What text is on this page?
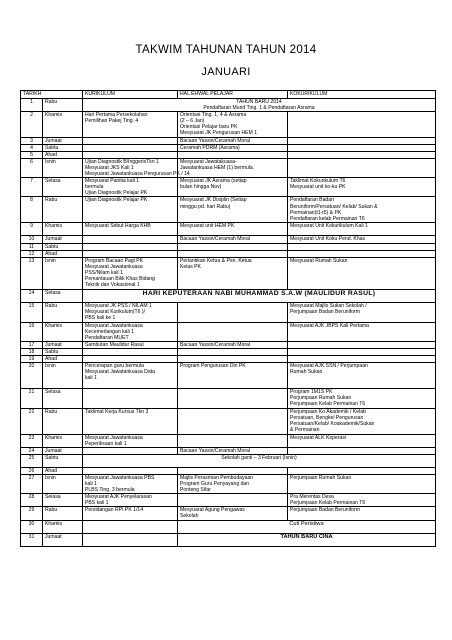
TAKWIM TAHUNAN TAHUN 2014
JANUARI
TARIKH		KURIKULUM	HAL EHWAL PELAJAR	KOKURIKULUM

1	Rabu	TAHUN BARU 2014
Pendaftaran Murid Ting. 1 & Pendaftaran Asrama		

2	Khamis	Hari Pertama Persekolahan
Pemilihan Pakej Ting. 4	Orientasi Ting. 1, 4 & Asrama
(2 – 6 Jan)
Orientasi Pelajar baru PK
Mesyuarat JK Pengurusan HEM 1	

3	Jumaat		Bacaan Yassin/Ceramah Moral	

4	Sabtu		Ceramah PDRM (Asrama)	

5	Ahad			

6	Isnin	Ujian Diagnostik B/InggerisTkn 1
Mesyuarat JKS Kali 1
Mesyuarat Jawatankuasa Pengurusan PK / 14	Mesyuarat Jawatakuasa-
Jawatankuasa HEM (1) bermula.	

7	Selasa	Mesyuarat Panitia kali 1
bermula
Ujian Diagnostik Pelajar PK	Mesyuarat JK Asrama (setiap
bulan hingga Nov)	Taklimat Kokurikulum T6
Mesyuarat unit ko-ku PK

8	Rabu	Ujian Diagnostik Pelajar PK	Mesyuarat JK Disiplin (Setiap
minggu pd. hari Rabu)	Pendaftaran Badan
Beruniform/Persatuan/ Kelab/ Sukan &
Permainan(t1-t5) & PK
Pendaftaran kelab Permainan T6

9	Khamis	Mesyuarat Sebut Harga KHB	Mesyuarat unit HEM PK	Mesyuarat Unit Kokurikulum Kali 1

10	Jumaat		Bacaan Yassin/Ceramah Moral	Mesyuarat Unit Koku Pend. Khas

11	Sabtu			

12	Ahad			

13	Isnin	Program Bacaan Pagi PK
Mesyuarat Jawatankuasa
PSS/Nilam kali 1
Pemantauan Bilik Khas Bidang
Teknik dan Vokasional 1	Perlantikan Ketua & Pen. Ketua
Kelas PK	Mesyuarat Rumah Sukan

14	Selasa	HARI KEPUTERAAN NABI MUHAMMAD S.A.W (MAULIDUR RASUL)		

15	Rabu	Mesyuarat JK PSS / NILAM 1
Mesyuarat Kurikulum(T6 )/
PBS kali ke 1		Mesyuarat Majlis Sukan Sekolah /
Perjumpaan Badan Beruniform

16	Khamis	Mesyuarat Jawatankuasa
Kecemerlangan kali 1
Pendaftaran MUET		Mesyuarat AJK JBPS Kali Pertama

17	Jumaat	Sambutan Maulidur Rasul	Bacaan Yassin/Ceramah Moral	

18	Sabtu			

19	Ahad			

20	Isnin	Pencerapan guru bermula
Mesyuarat Jawatankuasa Data
kali 1	Program Pengurusan Diri PK	Mesyuarat AJK SSN / Perjumpaan
Rumah Sukan

21	Selasa			Program 1M1S PK
Perjumpaan Rumah Sukan
Perjumpaan Kelab Permainan T6

22	Rabu	Taklimat Kerja Kursus Tkn 3		Perjumpaan Ko Akademik / Kelab
Persatuan, Bengkel Pengurusan
Persatuan/Kelab/ Koakademik/Sukan
& Permainan

23	Khamis	Mesyuarat Jawatankuasa
Peperiksaan kali 1		Mesyuarat ALK Koperasi

24	Jumaat		Bacaan Yassin/Ceramah Moral	

25	Sabtu	Sekolah ganti – 3 Februari (Isnin)		

26	Ahad			

27	Isnin	Mesyuarat Jawatankuasa PBS
kali 1
PLBS Ting. 3 bermula	Majlis Perasmian Pembudayaan
Program Guru Penyayang dan
Ponteng Sifar	Perjumpaan Rumah Sukan

28	Selasa	Mesyuarat AJK Penyelarasan
PBS kali 1		Pra Merentas Desa
Perjumpaan Kelab Permainan T6

29	Rabu	Persidangan RPI PK 1/14	Mesyuarat Agung Pengawas
Sekolah	Perjumpaan Badan Beruniform

30	Khamis		Cuti Peristiwa	

31	Jumaat		TAHUN BARU CINA	
